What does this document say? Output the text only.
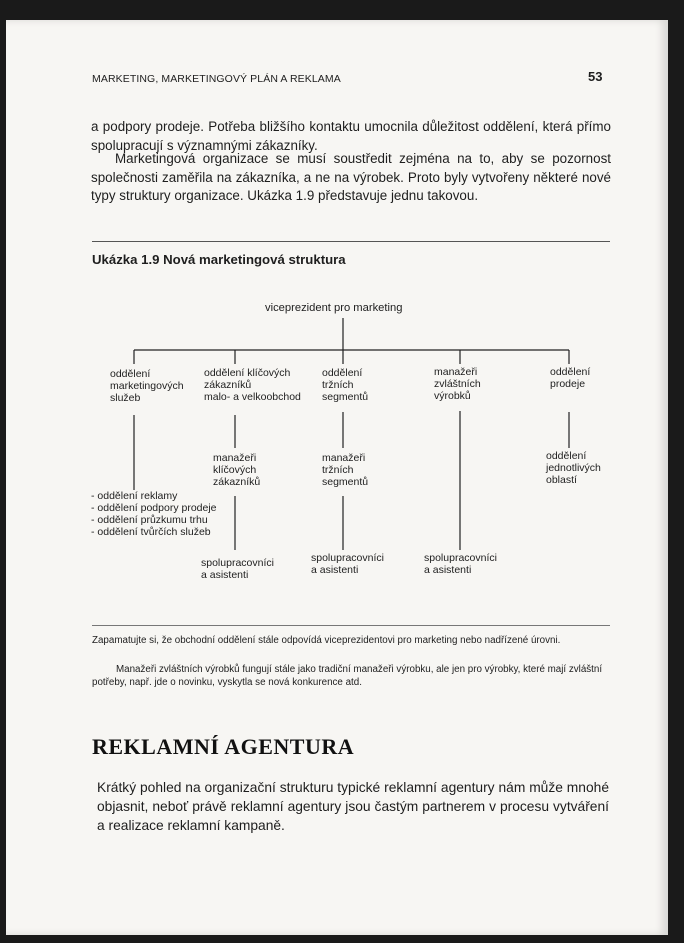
MARKETING, MARKETINGOVÝ PLÁN A REKLAMA	53

a podpory prodeje. Potřeba bližšího kontaktu umocnila důležitost oddělení, která přímo spolupracují s významnými zákazníky.

Marketingová organizace se musí soustředit zejména na to, aby se pozornost společnosti zaměřila na zákazníka, a ne na výrobek. Proto byly vytvořeny některé nové typy struktury organizace. Ukázka 1.9 představuje jednu takovou.

Ukázka 1.9 Nová marketingová struktura
viceprezident pro marketing
oddělení
marketingových
služeb
oddělení klíčových
zákazníků
malo- a velkoobchod
oddělení
tržních
segmentů
manažeři
zvláštních
výrobků
oddělení
prodeje
manažeři
klíčových
zákazníků
manažeři
tržních
segmentů
oddělení
jednotlivých
oblastí
- oddělení reklamy
- oddělení podpory prodeje
- oddělení průzkumu trhu
- oddělení tvůrčích služeb
spolupracovníci
a asistenti
spolupracovníci
a asistenti
spolupracovníci
a asistenti

Zapamatujte si, že obchodní oddělení stále odpovídá viceprezidentovi pro marketing nebo nadřízené úrovni.

Manažeři zvláštních výrobků fungují stále jako tradiční manažeři výrobku, ale jen pro výrobky, které mají zvláštní potřeby, např. jde o novinku, vyskytla se nová konkurence atd.

REKLAMNÍ AGENTURA

Krátký pohled na organizační strukturu typické reklamní agentury nám může mnohé objasnit, neboť právě reklamní agentury jsou častým partnerem v procesu vytváření a realizace reklamní kampaně.
